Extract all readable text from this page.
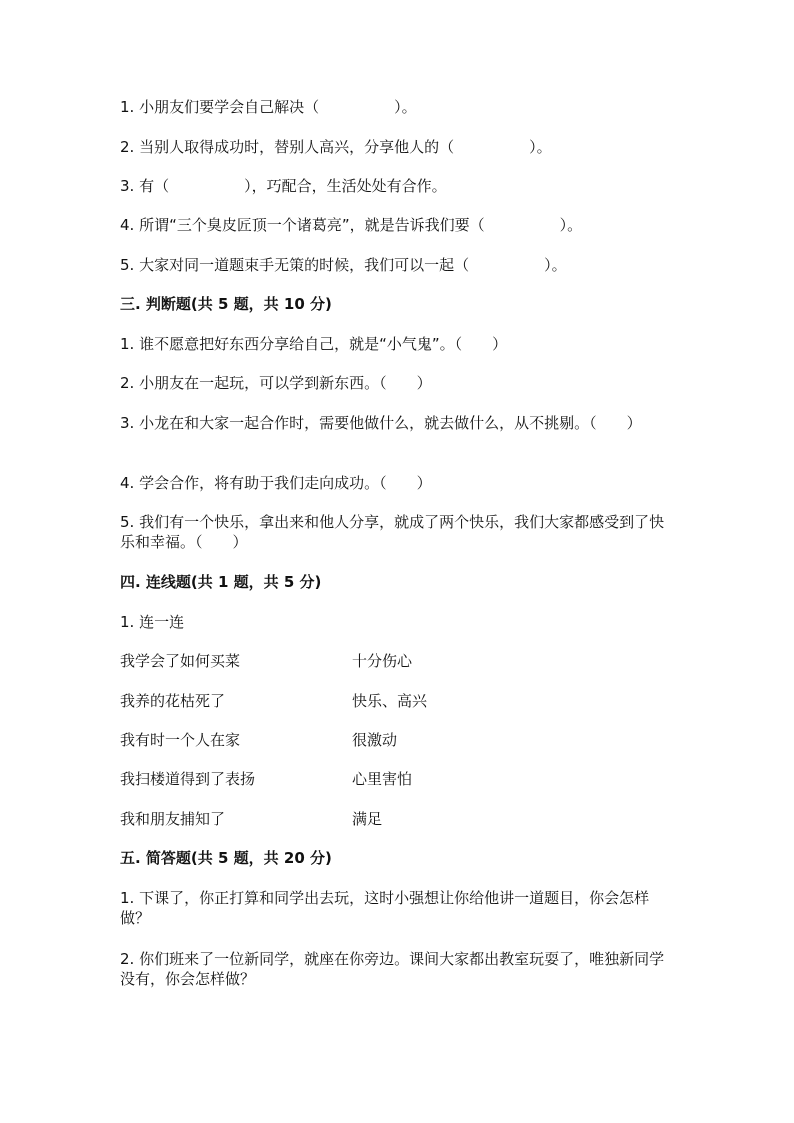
1. 小朋友们要学会自己解决（　　　　　）。
2. 当别人取得成功时，替别人高兴，分享他人的（　　　　　）。
3. 有（　　　　　），巧配合，生活处处有合作。
4. 所谓“三个臭皮匠顶一个诸葛亮”，就是告诉我们要（　　　　　）。
5. 大家对同一道题束手无策的时候，我们可以一起（　　　　　）。
三. 判断题(共 5 题，共 10 分)
1. 谁不愿意把好东西分享给自己，就是“小气鬼”。（　　）
2. 小朋友在一起玩，可以学到新东西。（　　）
3. 小龙在和大家一起合作时，需要他做什么，就去做什么，从不挑剔。（　　）
4. 学会合作，将有助于我们走向成功。（　　）
5. 我们有一个快乐，拿出来和他人分享，就成了两个快乐，我们大家都感受到了快乐和幸福。（　　）
四. 连线题(共 1 题，共 5 分)
1. 连一连
我学会了如何买菜	十分伤心
我养的花枯死了	快乐、高兴
我有时一个人在家	很激动
我扫楼道得到了表扬	心里害怕
我和朋友捕知了	满足
五. 简答题(共 5 题，共 20 分)
1. 下课了，你正打算和同学出去玩，这时小强想让你给他讲一道题目，你会怎样做？
2. 你们班来了一位新同学，就座在你旁边。课间大家都出教室玩耍了，唯独新同学没有，你会怎样做？
